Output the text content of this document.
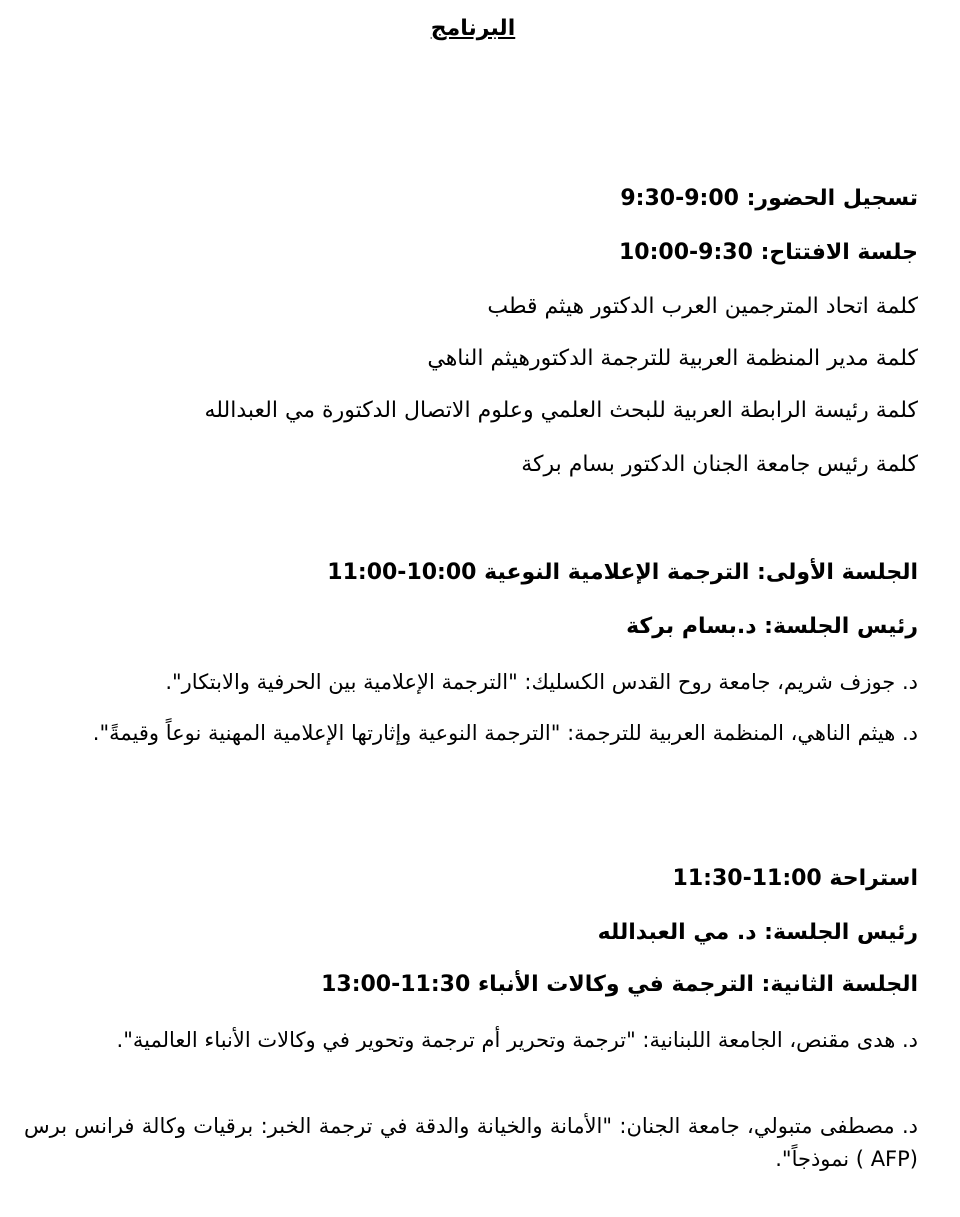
البرنامج

تسجيل الحضور: 9:30-9:00

جلسة الافتتاح: 10:00-9:30

كلمة اتحاد المترجمين العرب الدكتور هيثم قطب

كلمة مدير المنظمة العربية للترجمة الدكتورهيثم الناهي

كلمة رئيسة الرابطة العربية للبحث العلمي وعلوم الاتصال الدكتورة مي العبدالله

كلمة رئيس جامعة الجنان الدكتور بسام بركة

الجلسة الأولى: الترجمة الإعلامية النوعية 11:00-10:00

رئيس الجلسة: د.بسام بركة

د. جوزف شريم، جامعة روح القدس الكسليك: "الترجمة الإعلامية بين الحرفية والابتكار".

د. هيثم الناهي، المنظمة العربية للترجمة: "الترجمة النوعية وإثارتها الإعلامية المهنية نوعاً وقيمةً".

استراحة 11:30-11:00

رئيس الجلسة: د. مي العبدالله

الجلسة الثانية: الترجمة في وكالات الأنباء 13:00-11:30

د. هدى مقنص، الجامعة اللبنانية: "ترجمة وتحرير أم ترجمة وتحوير في وكالات الأنباء العالمية".

د. مصطفى متبولي، جامعة الجنان: "الأمانة والخيانة والدقة في ترجمة الخبر: برقيات وكالة فرانس برس (AFP ) نموذجاً".
